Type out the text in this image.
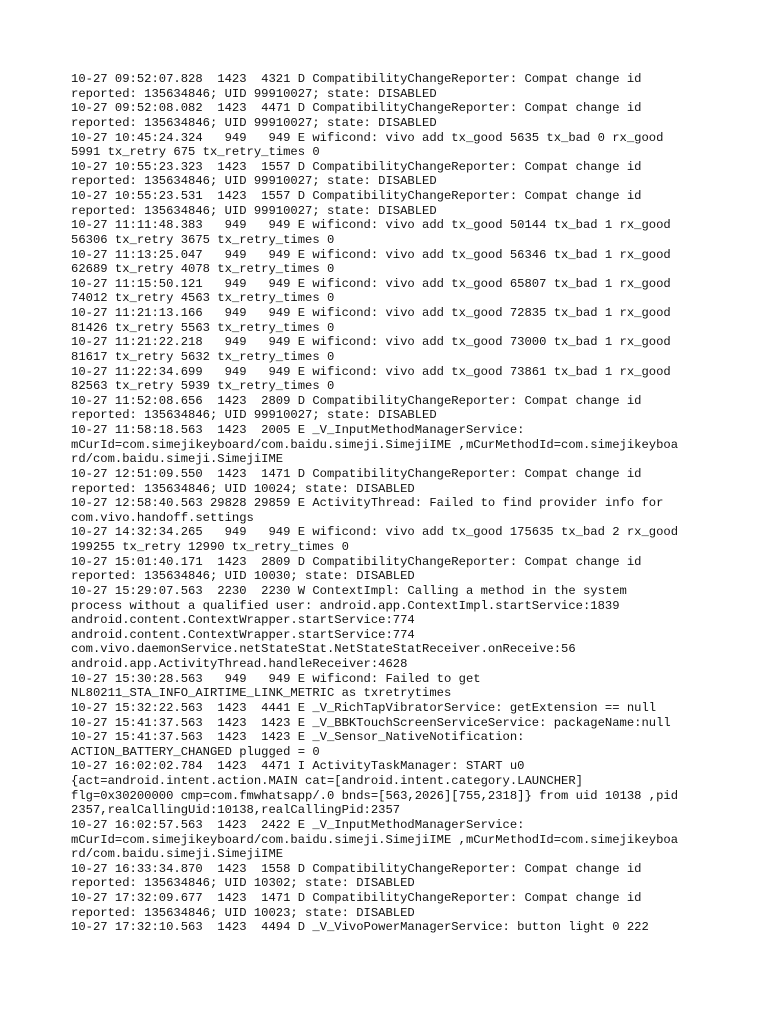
10-27 09:52:07.828  1423  4321 D CompatibilityChangeReporter: Compat change id
reported: 135634846; UID 99910027; state: DISABLED
10-27 09:52:08.082  1423  4471 D CompatibilityChangeReporter: Compat change id
reported: 135634846; UID 99910027; state: DISABLED
10-27 10:45:24.324   949   949 E wificond: vivo add tx_good 5635 tx_bad 0 rx_good
5991 tx_retry 675 tx_retry_times 0
10-27 10:55:23.323  1423  1557 D CompatibilityChangeReporter: Compat change id
reported: 135634846; UID 99910027; state: DISABLED
10-27 10:55:23.531  1423  1557 D CompatibilityChangeReporter: Compat change id
reported: 135634846; UID 99910027; state: DISABLED
10-27 11:11:48.383   949   949 E wificond: vivo add tx_good 50144 tx_bad 1 rx_good
56306 tx_retry 3675 tx_retry_times 0
10-27 11:13:25.047   949   949 E wificond: vivo add tx_good 56346 tx_bad 1 rx_good
62689 tx_retry 4078 tx_retry_times 0
10-27 11:15:50.121   949   949 E wificond: vivo add tx_good 65807 tx_bad 1 rx_good
74012 tx_retry 4563 tx_retry_times 0
10-27 11:21:13.166   949   949 E wificond: vivo add tx_good 72835 tx_bad 1 rx_good
81426 tx_retry 5563 tx_retry_times 0
10-27 11:21:22.218   949   949 E wificond: vivo add tx_good 73000 tx_bad 1 rx_good
81617 tx_retry 5632 tx_retry_times 0
10-27 11:22:34.699   949   949 E wificond: vivo add tx_good 73861 tx_bad 1 rx_good
82563 tx_retry 5939 tx_retry_times 0
10-27 11:52:08.656  1423  2809 D CompatibilityChangeReporter: Compat change id
reported: 135634846; UID 99910027; state: DISABLED
10-27 11:58:18.563  1423  2005 E _V_InputMethodManagerService:
mCurId=com.simejikeyboard/com.baidu.simeji.SimejiIME ,mCurMethodId=com.simejikeyboa
rd/com.baidu.simeji.SimejiIME
10-27 12:51:09.550  1423  1471 D CompatibilityChangeReporter: Compat change id
reported: 135634846; UID 10024; state: DISABLED
10-27 12:58:40.563 29828 29859 E ActivityThread: Failed to find provider info for
com.vivo.handoff.settings
10-27 14:32:34.265   949   949 E wificond: vivo add tx_good 175635 tx_bad 2 rx_good
199255 tx_retry 12990 tx_retry_times 0
10-27 15:01:40.171  1423  2809 D CompatibilityChangeReporter: Compat change id
reported: 135634846; UID 10030; state: DISABLED
10-27 15:29:07.563  2230  2230 W ContextImpl: Calling a method in the system
process without a qualified user: android.app.ContextImpl.startService:1839
android.content.ContextWrapper.startService:774
android.content.ContextWrapper.startService:774
com.vivo.daemonService.netStateStat.NetStateStatReceiver.onReceive:56
android.app.ActivityThread.handleReceiver:4628
10-27 15:30:28.563   949   949 E wificond: Failed to get
NL80211_STA_INFO_AIRTIME_LINK_METRIC as txretrytimes
10-27 15:32:22.563  1423  4441 E _V_RichTapVibratorService: getExtension == null
10-27 15:41:37.563  1423  1423 E _V_BBKTouchScreenServiceService: packageName:null
10-27 15:41:37.563  1423  1423 E _V_Sensor_NativeNotification:
ACTION_BATTERY_CHANGED plugged = 0
10-27 16:02:02.784  1423  4471 I ActivityTaskManager: START u0
{act=android.intent.action.MAIN cat=[android.intent.category.LAUNCHER]
flg=0x30200000 cmp=com.fmwhatsapp/.0 bnds=[563,2026][755,2318]} from uid 10138 ,pid
2357,realCallingUid:10138,realCallingPid:2357
10-27 16:02:57.563  1423  2422 E _V_InputMethodManagerService:
mCurId=com.simejikeyboard/com.baidu.simeji.SimejiIME ,mCurMethodId=com.simejikeyboa
rd/com.baidu.simeji.SimejiIME
10-27 16:33:34.870  1423  1558 D CompatibilityChangeReporter: Compat change id
reported: 135634846; UID 10302; state: DISABLED
10-27 17:32:09.677  1423  1471 D CompatibilityChangeReporter: Compat change id
reported: 135634846; UID 10023; state: DISABLED
10-27 17:32:10.563  1423  4494 D _V_VivoPowerManagerService: button light 0 222
